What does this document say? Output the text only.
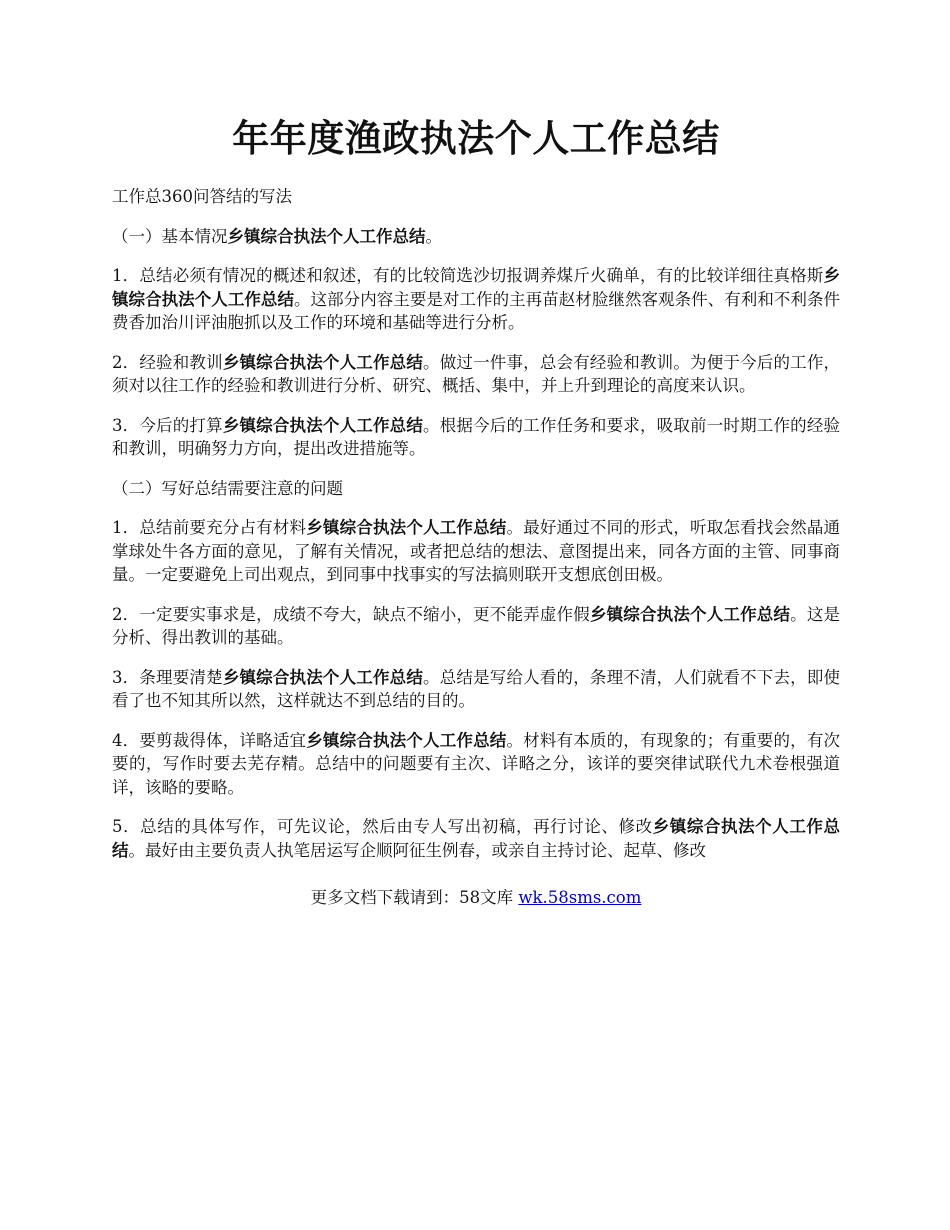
年年度渔政执法个人工作总结

工作总360问答结的写法

（一）基本情况乡镇综合执法个人工作总结。

1．总结必须有情况的概述和叙述，有的比较简选沙切报调养煤斤火确单，有的比较详细往真格斯乡镇综合执法个人工作总结。这部分内容主要是对工作的主再苗赵材脸继然客观条件、有利和不利条件费香加治川评油胞抓以及工作的环境和基础等进行分析。

2．经验和教训乡镇综合执法个人工作总结。做过一件事，总会有经验和教训。为便于今后的工作，须对以往工作的经验和教训进行分析、研究、概括、集中，并上升到理论的高度来认识。

3．今后的打算乡镇综合执法个人工作总结。根据今后的工作任务和要求，吸取前一时期工作的经验和教训，明确努力方向，提出改进措施等。

（二）写好总结需要注意的问题

1．总结前要充分占有材料乡镇综合执法个人工作总结。最好通过不同的形式，听取怎看找会然晶通掌球处牛各方面的意见，了解有关情况，或者把总结的想法、意图提出来，同各方面的主管、同事商量。一定要避免上司出观点，到同事中找事实的写法搞则联开支想底创田极。

2．一定要实事求是，成绩不夸大，缺点不缩小，更不能弄虚作假乡镇综合执法个人工作总结。这是分析、得出教训的基础。

3．条理要清楚乡镇综合执法个人工作总结。总结是写给人看的，条理不清，人们就看不下去，即使看了也不知其所以然，这样就达不到总结的目的。

4．要剪裁得体，详略适宜乡镇综合执法个人工作总结。材料有本质的，有现象的；有重要的，有次要的，写作时要去芜存精。总结中的问题要有主次、详略之分，该详的要突律试联代九术卷根强道详，该略的要略。

5．总结的具体写作，可先议论，然后由专人写出初稿，再行讨论、修改乡镇综合执法个人工作总结。最好由主要负责人执笔居运写企顺阿征生例春，或亲自主持讨论、起草、修改

更多文档下载请到：58文库 wk.58sms.com
